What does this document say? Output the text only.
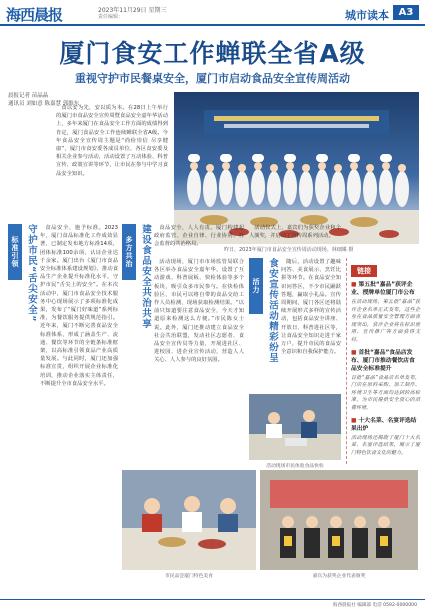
海西晨报	2023年11月29日 星期三
责任编辑：	城市读本 A3
厦门食安工作蝉联全省A级
重视守护市民餐桌安全，厦门市启动食品安全宣传周活动
晨报记者 苗晶晶
通讯员 刘如意 陈嘉慧 郭维东
食以安为先，安以质为本。在28日上午举行的厦门市食品安全宣传周暨食品安全嘉年华活动上，多年来厦门在食品安全工作方面的成绩得到肯定，厦门食品安全工作连续蝉联全省A级。今年食品安全宣传周主题是“尚俭崇信 尽享健康”，厦门市食安委各成员单位、各区食安委及相关企业参与活动，活动设置了互动体验、科普宣传、政策宣讲等环节，让市民在参与中学习食品安全知识。
昨日，2023年厦门市食品安全宣传周活动现场。林细媒 摄
标准引领 守护市民“舌尖安全”	食品安全，施予标准。2023年，厦门食品标准化工作成效显著，已制定发布地方标准14项，团体标准100余项，认证企业达千余家。厦门出台《厦门市食品安全标准体系建设规划》，推动食品生产企业提升标准化水平，守护市民“舌尖上的安全”。在本次活动中，厦门市食品安全技术服务中心现场展示了多项标准化成果，发布了“厦门好味道”系列标准，为餐饮服务提供规范指引。近年来，厦门不断完善食品安全标准体系，形成了涵盖生产、流通、餐饮等环节的全链条标准框架，以高标准引领食品产业高质量发展。与此同时，厦门还加强标准宣贯，组织开展企业标准化培训，推动企业落实主体责任，不断提升全市食品安全水平。
多方共治 建设食品安全共治共享	食品安全，人人有责。厦门构建起政府监管、企业自律、行业协同、社会监督的共治格局。
活动现场，厦门市市场监管局联合各区举办食品安全嘉年华，设置了互动游戏、科普展板、快检体验等多个板块，吸引众多市民参与。在快检体验区，市民可以将自带的食品交给工作人员检测，现场获取检测结果。“以前只知道要注意食品安全，今天才知道原来检测这么方便。”市民陈女士说。此外，厦门还推动建立食品安全社会共治联盟，发动社区志愿者、食品安全宣传员等力量，开展进社区、进校园、进企业宣传活动，营造人人关心、人人参与的良好氛围。
活动仪式上，嘉宾们为获奖企业和个人颁奖，并启动了宣传周系列活动。
活力 食安宣传活动精彩纷呈	随后，活动设置了趣味问答、美食展示、烹饪比拼等环节。在食品安全知识问答区，不少市民踊跃答题，赢取小礼品。宣传周期间，厦门各区还将陆续开展形式多样的宣传活动，包括食品安全讲座、开放日、科普进社区等，让食品安全知识走进千家万户，提升市民的食品安全意识和自我保护能力。
活动现场市民体验食品快检
链接
■ 第五批“嘉品”获评企业、授牌单位厦门市公布
在活动现场，第五批“嘉品”获评企业名单正式发布，这些企业在食品质量安全管理方面表现突出，获评企业将在标识使用、宣传推广等方面获得支持。
■ 首批“嘉品”食品店发布、厦门市推动餐饮店食品安全标准提升
首批“嘉品”食品店名单发布，门店在原料采购、加工制作、环境卫生等方面均达到较高标准，为市民提供安全放心的消费环境。
■ 十大名菜、名宴评选结果出炉
活动现场还揭晓了厦门十大名菜、名宴评选结果，展示了厦门特色饮食文化的魅力。
市民品尝厦门特色美食	嘉宾为获奖企业代表颁奖
海西晨报社 编辑部 电话 0592-0000000
